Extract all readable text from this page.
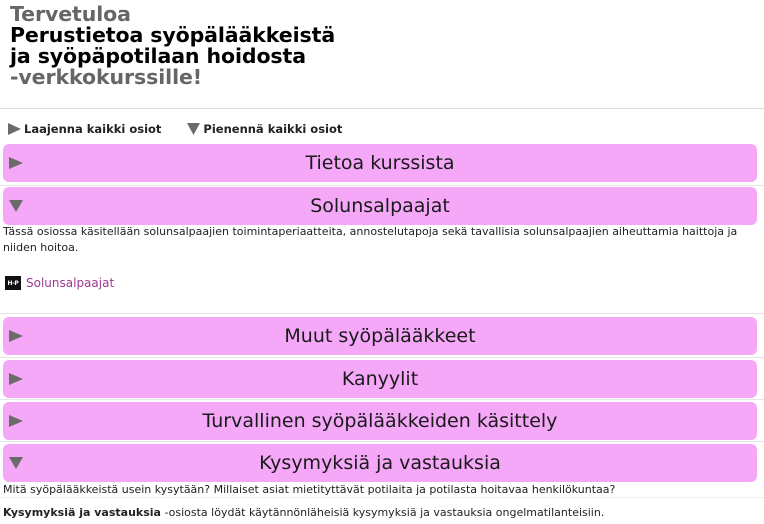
Tervetuloa
Perustietoa syöpälääkkeistä
ja syöpäpotilaan hoidosta
-verkkokurssille!
Laajenna kaikki osiot	Pienennä kaikki osiot
Tietoa kurssista
Solunsalpaajat
Tässä osiossa käsitellään solunsalpaajien toimintaperiaatteita, annostelutapoja sekä tavallisia solunsalpaajien aiheuttamia haittoja ja
niiden hoitoa.
H-P Solunsalpaajat
Muut syöpälääkkeet
Kanyylit
Turvallinen syöpälääkkeiden käsittely
Kysymyksiä ja vastauksia
Mitä syöpälääkkeistä usein kysytään? Millaiset asiat mietityttävät potilaita ja potilasta hoitavaa henkilökuntaa?
Kysymyksiä ja vastauksia -osiosta löydät käytännönläheisiä kysymyksiä ja vastauksia ongelmatilanteisiin.
